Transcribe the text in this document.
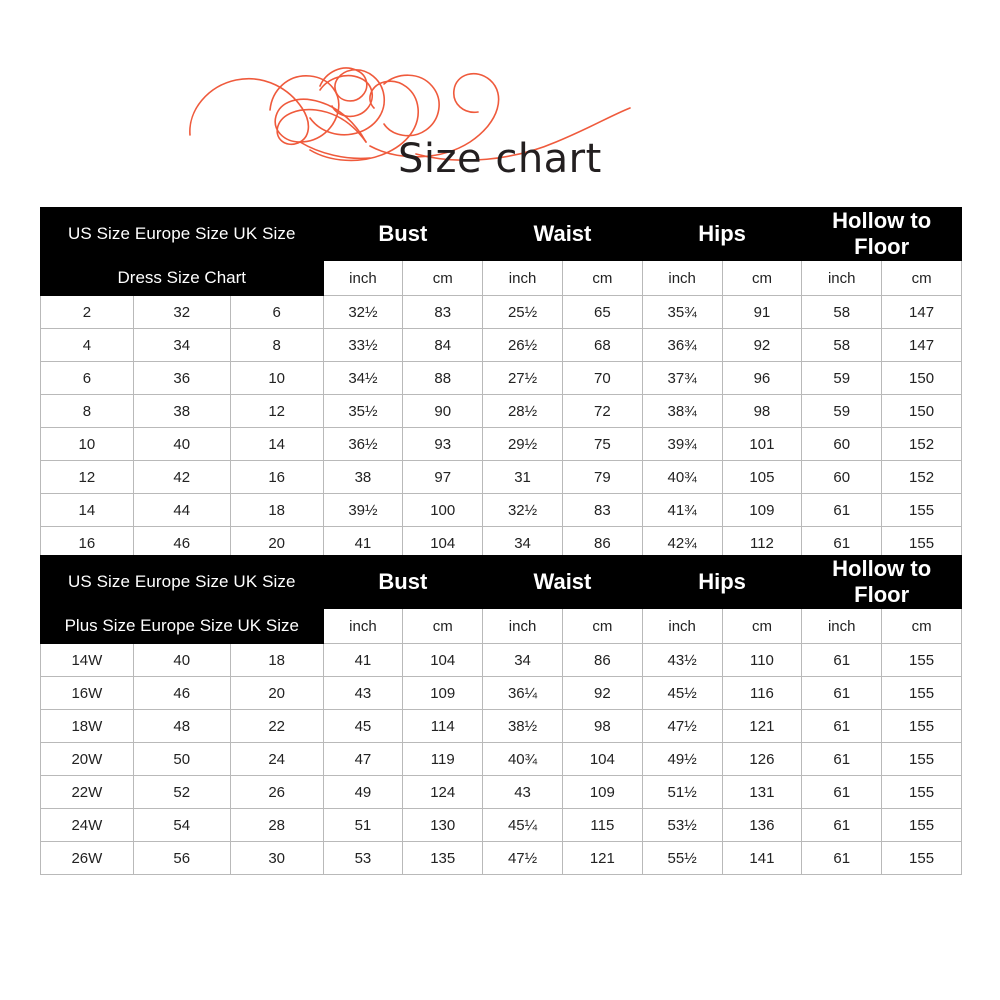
Size chart
US Size Europe Size UK Size			Bust		Waist		Hips		Hollow to Floor	
Dress Size Chart			inch	cm	inch	cm	inch	cm	inch	cm
2	32	6	32½	83	25½	65	35¾	91	58	147
4	34	8	33½	84	26½	68	36¾	92	58	147
6	36	10	34½	88	27½	70	37¾	96	59	150
8	38	12	35½	90	28½	72	38¾	98	59	150
10	40	14	36½	93	29½	75	39¾	101	60	152
12	42	16	38	97	31	79	40¾	105	60	152
14	44	18	39½	100	32½	83	41¾	109	61	155
16	46	20	41	104	34	86	42¾	112	61	155
US Size Europe Size UK Size			Bust		Waist		Hips		Hollow to Floor	
Plus Size Europe Size UK Size			inch	cm	inch	cm	inch	cm	inch	cm
14W	40	18	41	104	34	86	43½	110	61	155
16W	46	20	43	109	36¼	92	45½	116	61	155
18W	48	22	45	114	38½	98	47½	121	61	155
20W	50	24	47	119	40¾	104	49½	126	61	155
22W	52	26	49	124	43	109	51½	131	61	155
24W	54	28	51	130	45¼	115	53½	136	61	155
26W	56	30	53	135	47½	121	55½	141	61	155
